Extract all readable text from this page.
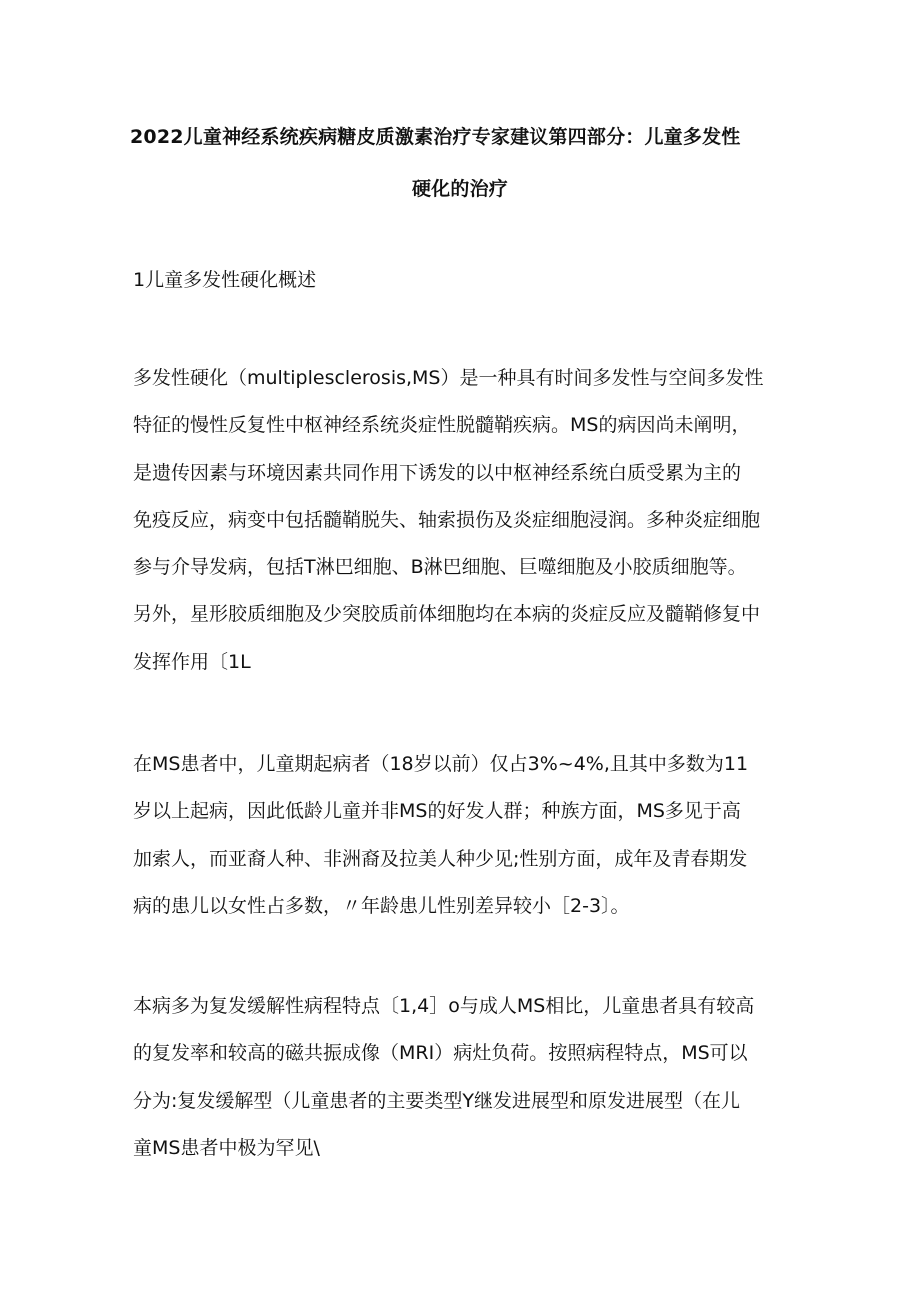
2022儿童神经系统疾病糖皮质激素治疗专家建议第四部分：儿童多发性
硬化的治疗
1儿童多发性硬化概述
多发性硬化（multiplesclerosis,MS）是一种具有时间多发性与空间多发性
特征的慢性反复性中枢神经系统炎症性脱髓鞘疾病。MS的病因尚未阐明，
是遗传因素与环境因素共同作用下诱发的以中枢神经系统白质受累为主的
免疫反应，病变中包括髓鞘脱失、轴索损伤及炎症细胞浸润。多种炎症细胞
参与介导发病，包括T淋巴细胞、B淋巴细胞、巨噬细胞及小胶质细胞等。
另外，星形胶质细胞及少突胶质前体细胞均在本病的炎症反应及髓鞘修复中
发挥作用〔1L
在MS患者中，儿童期起病者（18岁以前）仅占3%~4%,且其中多数为11
岁以上起病，因此低龄儿童并非MS的好发人群；种族方面，MS多见于高
加索人，而亚裔人种、非洲裔及拉美人种少见;性别方面，成年及青春期发
病的患儿以女性占多数，〃年龄患儿性别差异较小［2-3〕。
本病多为复发缓解性病程特点〔1,4］o与成人MS相比，儿童患者具有较高
的复发率和较高的磁共振成像（MRI）病灶负荷。按照病程特点，MS可以
分为:复发缓解型（儿童患者的主要类型Y继发进展型和原发进展型（在儿
童MS患者中极为罕见\
